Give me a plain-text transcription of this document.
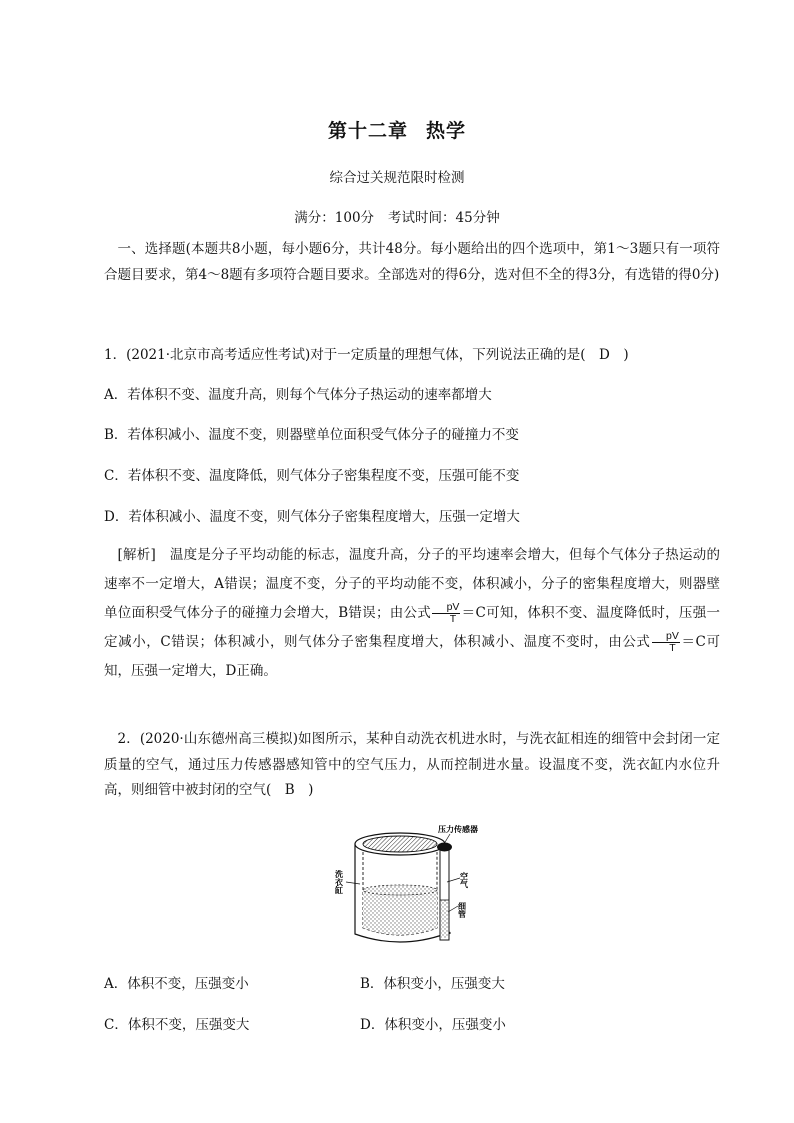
第十二章 热学
综合过关规范限时检测
满分：100分 考试时间：45分钟
一、选择题(本题共8小题，每小题6分，共计48分。每小题给出的四个选项中，第1～3题只有一项符合题目要求，第4～8题有多项符合题目要求。全部选对的得6分，选对但不全的得3分，有选错的得0分)
1．(2021·北京市高考适应性考试)对于一定质量的理想气体，下列说法正确的是(　D　)
A．若体积不变、温度升高，则每个气体分子热运动的速率都增大
B．若体积减小、温度不变，则器壁单位面积受气体分子的碰撞力不变
C．若体积不变、温度降低，则气体分子密集程度不变，压强可能不变
D．若体积减小、温度不变，则气体分子密集程度增大，压强一定增大
[解析]　温度是分子平均动能的标志，温度升高，分子的平均速率会增大，但每个气体分子热运动的速率不一定增大，A错误；温度不变，分子的平均动能不变，体积减小，分子的密集程度增大，则器壁单位面积受气体分子的碰撞力会增大，B错误；由公式 $\frac{pV}{T} =C$可知，体积不变、温度降低时，压强一定减小，C错误；体积减小，则气体分子密集程度增大，体积减小、温度不变时，由公式 $\frac{pV}{T} =C$可知，压强一定增大，D正确。
2．(2020·山东德州高三模拟)如图所示，某种自动洗衣机进水时，与洗衣缸相连的细管中会封闭一定质量的空气，通过压力传感器感知管中的空气压力，从而控制进水量。设温度不变，洗衣缸内水位升高，则细管中被封闭的空气(　B　)
压力传感器
洗衣缸	空气
细管
A．体积不变，压强变小	B．体积变小，压强变大
C．体积不变，压强变大	D．体积变小，压强变小
